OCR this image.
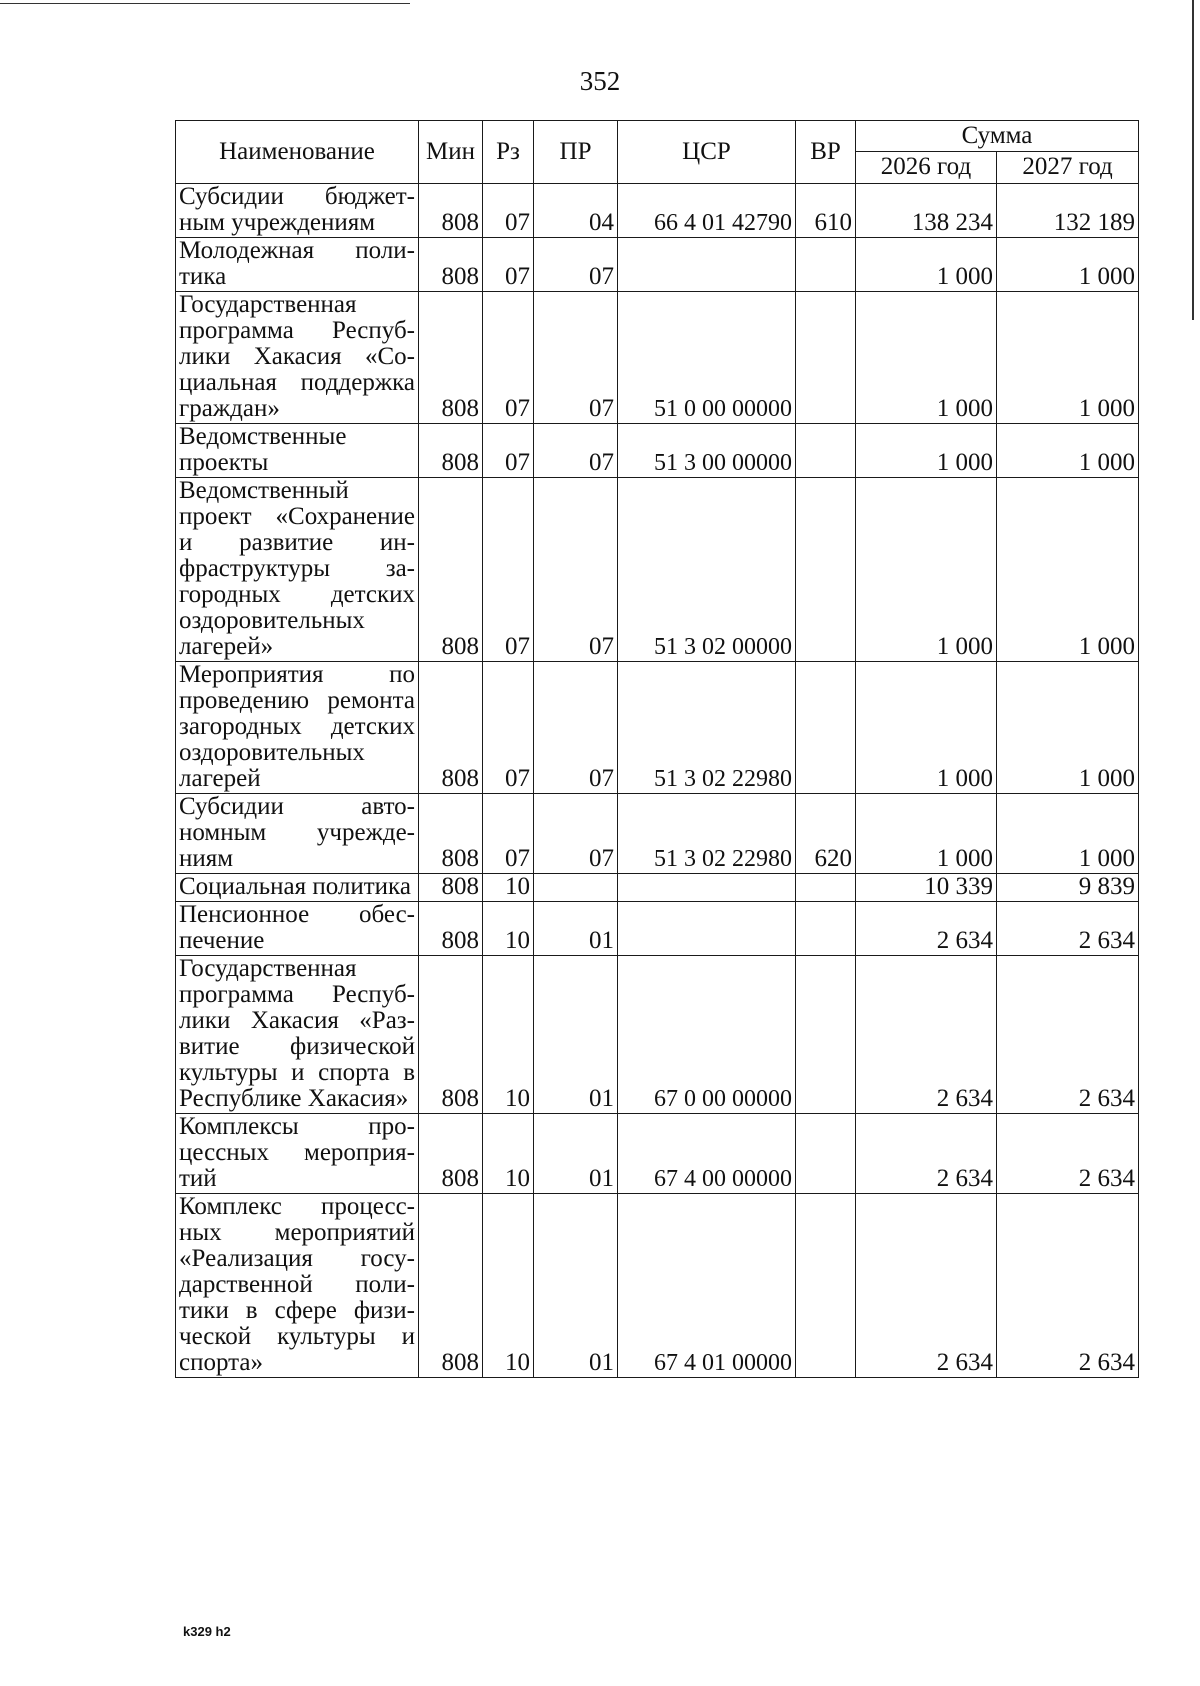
352
Наименование	Мин	Рз	ПР	ЦСР	ВР	Сумма	
						2026 год	2027 год
Субсидии бюджетным учреждениям	808	07	04	66 4 01 42790	610	138 234	132 189
Молодежная политика	808	07	07			1 000	1 000
Государственная программа Республики Хакасия «Социальная поддержка граждан»	808	07	07	51 0 00 00000		1 000	1 000
Ведомственные проекты	808	07	07	51 3 00 00000		1 000	1 000
Ведомственный проект «Сохранение и развитие инфраструктуры загородных детских оздоровительных лагерей»	808	07	07	51 3 02 00000		1 000	1 000
Мероприятия по проведению ремонта загородных детских оздоровительных лагерей	808	07	07	51 3 02 22980		1 000	1 000
Субсидии автономным учреждениям	808	07	07	51 3 02 22980	620	1 000	1 000
Социальная политика	808	10				10 339	9 839
Пенсионное обеспечение	808	10	01			2 634	2 634
Государственная программа Республики Хакасия «Развитие физической культуры и спорта в Республике Хакасия»	808	10	01	67 0 00 00000		2 634	2 634
Комплексы процессных мероприятий	808	10	01	67 4 00 00000		2 634	2 634
Комплекс процессных мероприятий «Реализация государственной политики в сфере физической культуры и спорта»	808	10	01	67 4 01 00000		2 634	2 634
k329 h2
